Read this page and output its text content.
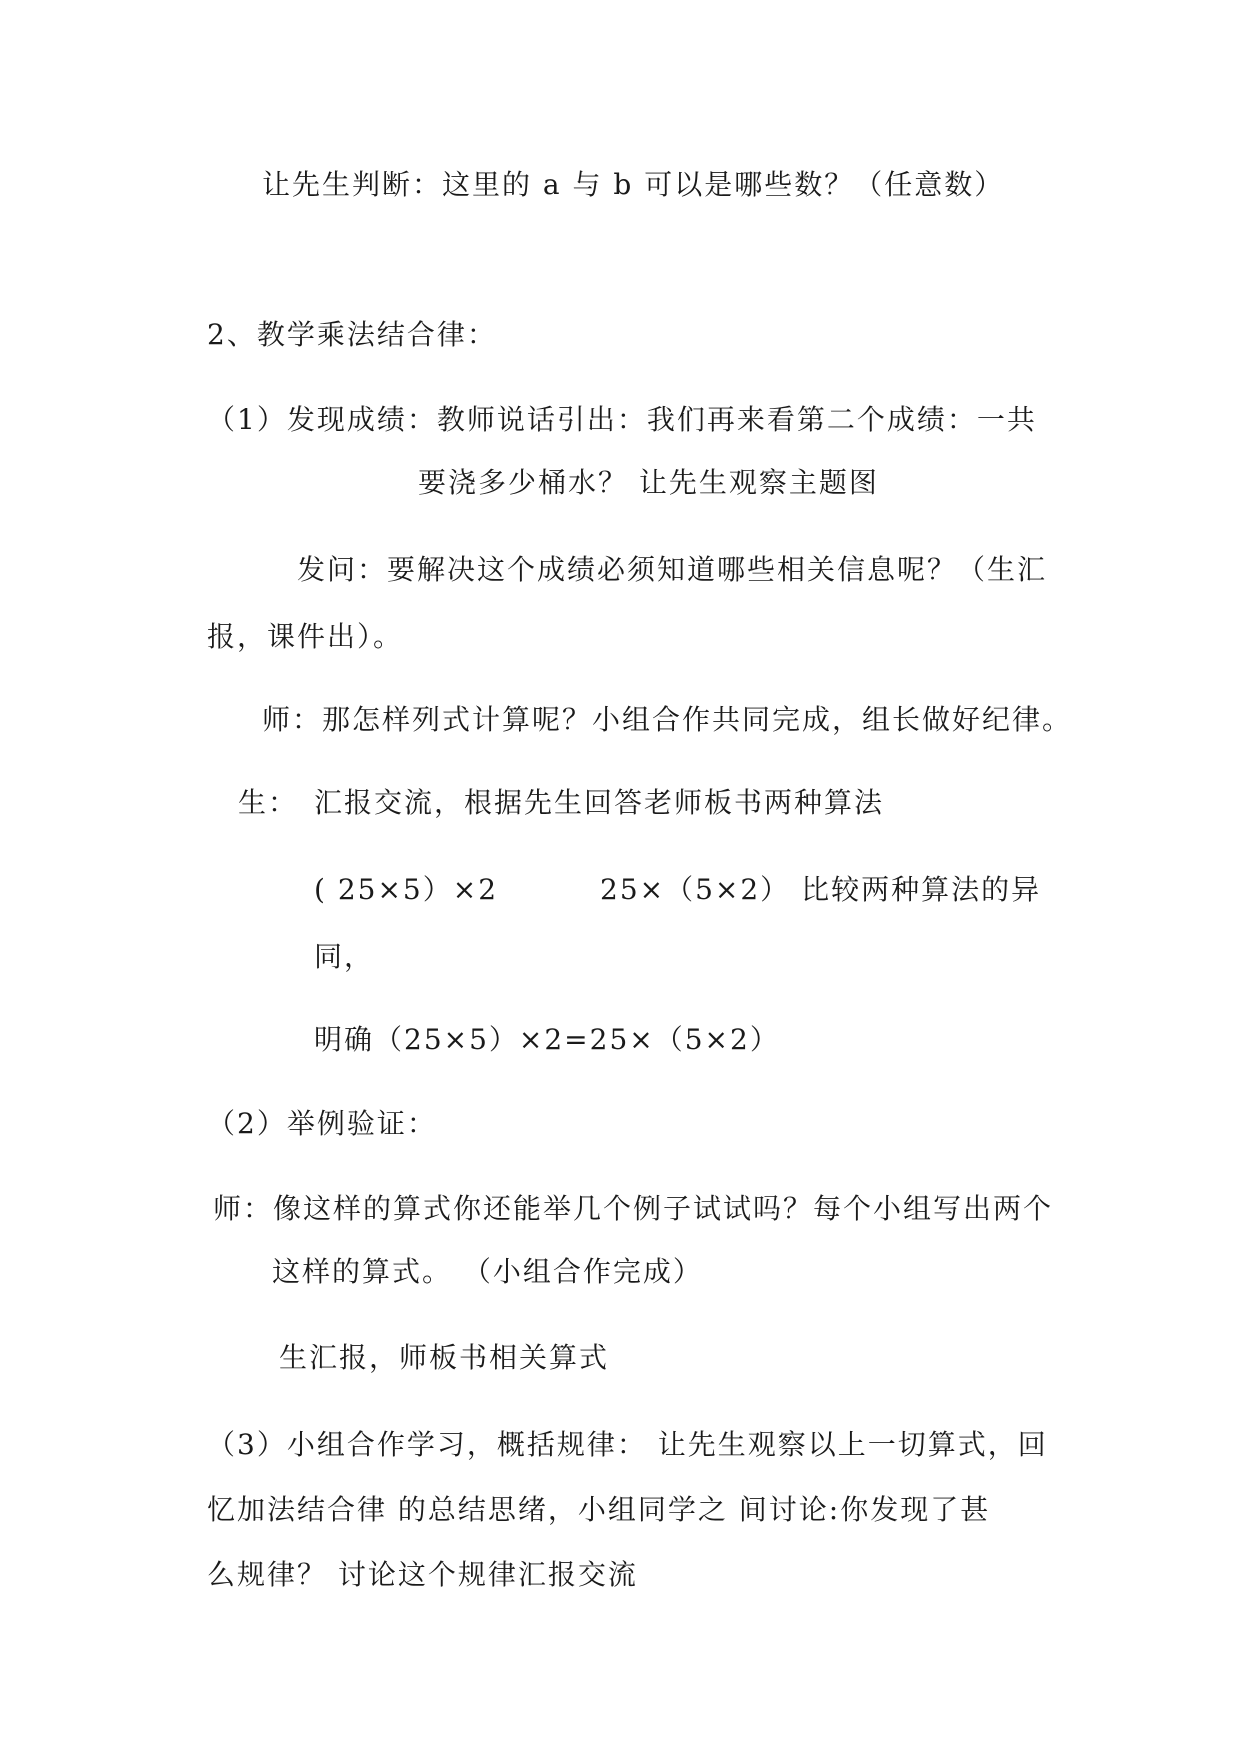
让先生判断：这里的 a 与 b 可以是哪些数？（任意数）
2、教学乘法结合律：
（1）发现成绩：教师说话引出：我们再来看第二个成绩：一共
要浇多少桶水？ 让先生观察主题图
发问：要解决这个成绩必须知道哪些相关信息呢？（生汇
报，课件出）。
师：那怎样列式计算呢？小组合作共同完成，组长做好纪律。
生： 汇报交流，根据先生回答老师板书两种算法
( 25×5）×2	25×（5×2） 比较两种算法的异
同，
明确（25×5）×2=25×（5×2）
（2）举例验证：
师：像这样的算式你还能举几个例子试试吗？每个小组写出两个
这样的算式。 （小组合作完成）
生汇报，师板书相关算式
（3）小组合作学习，概括规律： 让先生观察以上一切算式，回
忆加法结合律 的总结思绪，小组同学之 间讨论:你发现了甚
么规律？ 讨论这个规律汇报交流
